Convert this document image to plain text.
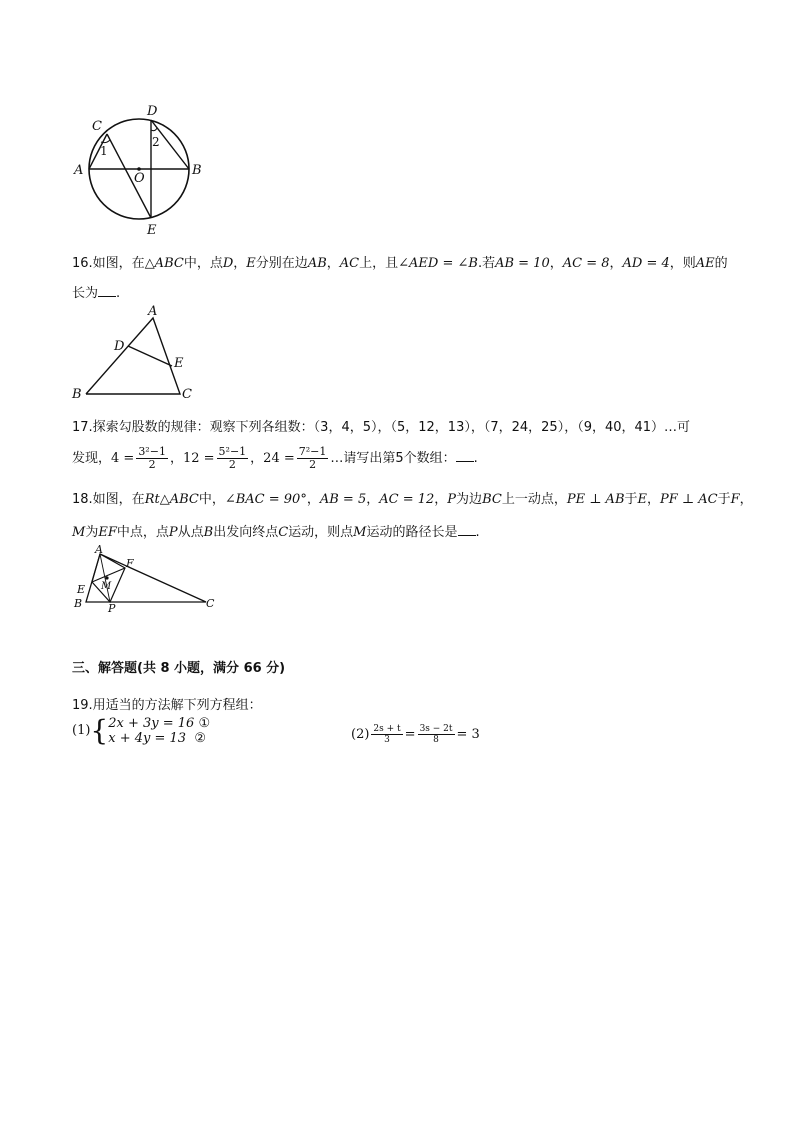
A	B
C
D
E
O
1
2
16.如图，在△ABC中，点D，E分别在边AB，AC上，且∠AED = ∠B.若AB = 10，AC = 8，AD = 4，则AE的
长为 .
A
B	C
D
E
17.探索勾股数的规律：观察下列各组数：（3，4，5），（5，12，13），（7，24，25），（9，40，41）…可
发现，$4 = \frac{\text{3²−1}}{2}$ ，$12 = \frac{\text{5²−1}}{2}$ ，$24 = \frac{\text{7²−1}}{2}$ …请写出第5个数组： .
18.如图，在Rt△ABC中，∠BAC = 90°，AB = 5，AC = 12，P为边BC上一动点，PE ⊥ AB于E，PF ⊥ AC于F，
M为EF中点，点P从点B出发向终点C运动，则点M运动的路径长是 .
A
B	C
E
F
M
P
三、解答题(共 8 小题，满分 66 分)
19.用适当的方法解下列方程组：
(1){ 2x + 3y = 16 ①
x + 4y = 13 ②	$(2) \frac{2s + t}{3} = \frac{3s - 2t}{8} = 3$
